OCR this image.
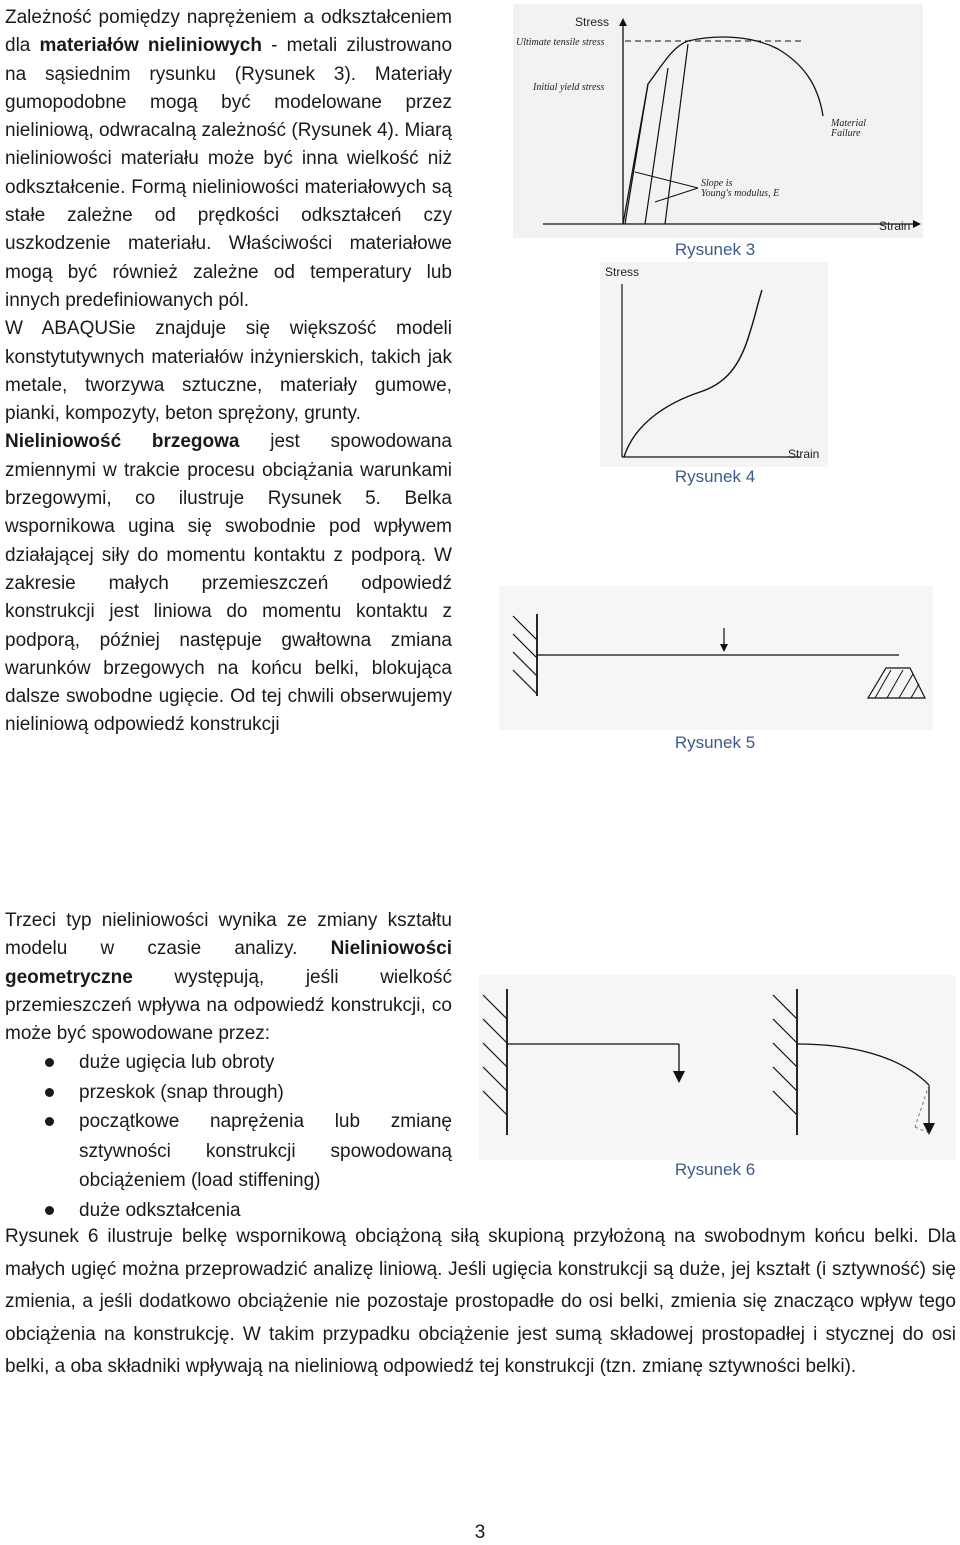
Zależność pomiędzy naprężeniem a odkształceniem dla materiałów nieliniowych - metali zilustrowano na sąsiednim rysunku (Rysunek 3). Materiały gumopodobne mogą być modelowane przez nieliniową, odwracalną zależność (Rysunek 4). Miarą nieliniowości materiału może być inna wielkość niż odkształcenie. Formą nieliniowości materiałowych są stałe zależne od prędkości odkształceń czy uszkodzenie materiału. Właściwości materiałowe mogą być również zależne od temperatury lub innych predefiniowanych pól.

W ABAQUSie znajduje się większość modeli konstytutywnych materiałów inżynierskich, takich jak metale, tworzywa sztuczne, materiały gumowe, pianki, kompozyty, beton sprężony, grunty.

Nieliniowość brzegowa jest spowodowana zmiennymi w trakcie procesu obciążania warunkami brzegowymi, co ilustruje Rysunek 5. Belka wspornikowa ugina się swobodnie pod wpływem działającej siły do momentu kontaktu z podporą. W zakresie małych przemieszczeń odpowiedź konstrukcji jest liniowa do momentu kontaktu z podporą, później następuje gwałtowna zmiana warunków brzegowych na końcu belki, blokująca dalsze swobodne ugięcie. Od tej chwili obserwujemy nieliniową odpowiedź konstrukcji

Stress
Ultimate tensile stress
Initial yield stress
Material
Failure
Slope is
Young's modulus, E
Strain
Rysunek 3
Stress
Strain
Rysunek 4
Rysunek 5

Trzeci typ nieliniowości wynika ze zmiany kształtu modelu w czasie analizy. Nieliniowości geometryczne występują, jeśli wielkość przemieszczeń wpływa na odpowiedź konstrukcji, co może być spowodowane przez:

duże ugięcia lub obroty
przeskok (snap through)
początkowe naprężenia lub zmianę sztywności konstrukcji spowodowaną obciążeniem (load stiffening)
duże odkształcenia
Rysunek 6

Rysunek 6 ilustruje belkę wspornikową obciążoną siłą skupioną przyłożoną na swobodnym końcu belki. Dla małych ugięć można przeprowadzić analizę liniową. Jeśli ugięcia konstrukcji są duże, jej kształt (i sztywność) się zmienia, a jeśli dodatkowo obciążenie nie pozostaje prostopadłe do osi belki, zmienia się znacząco wpływ tego obciążenia na konstrukcję. W takim przypadku obciążenie jest sumą składowej prostopadłej i stycznej do osi belki, a oba składniki wpływają na nieliniową odpowiedź tej konstrukcji (tzn. zmianę sztywności belki).

3
